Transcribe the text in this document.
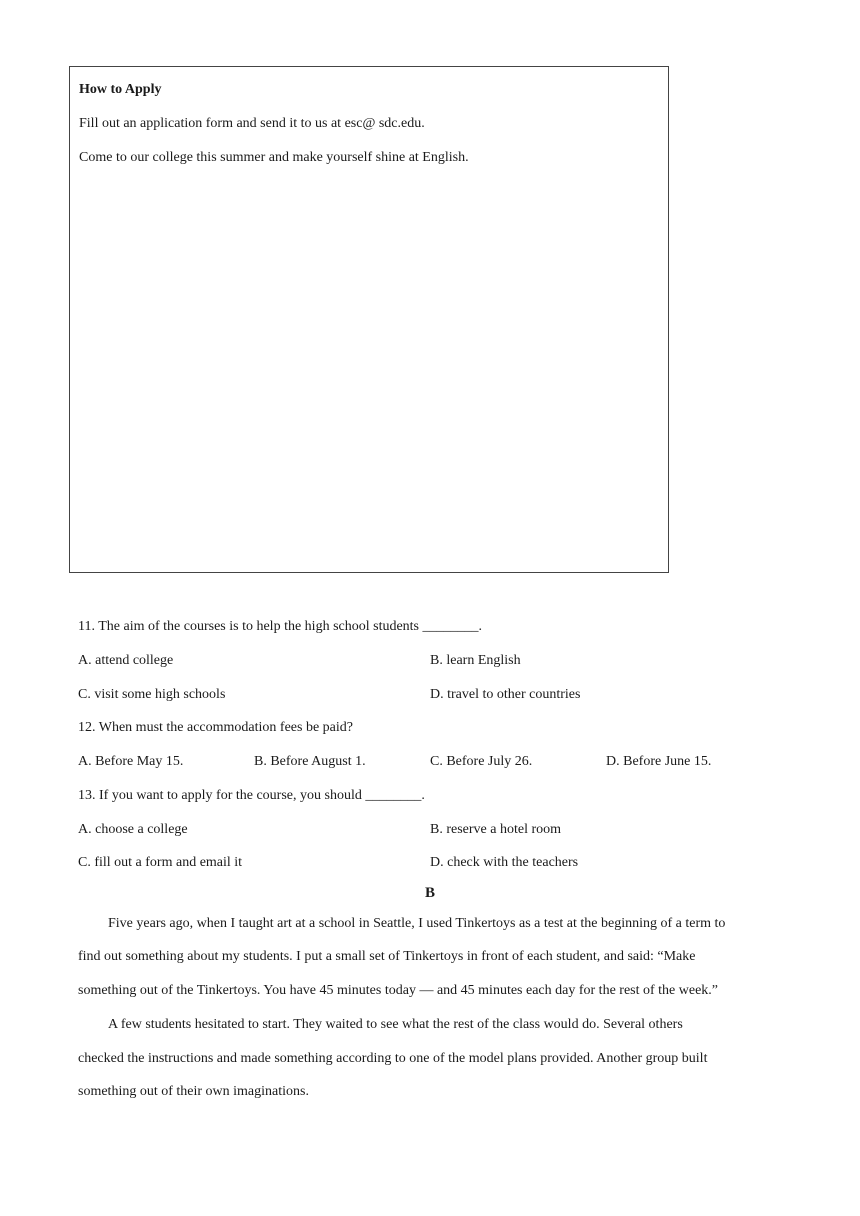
How to Apply
Fill out an application form and send it to us at esc@ sdc.edu.
Come to our college this summer and make yourself shine at English.
11. The aim of the courses is to help the high school students ________.
A. attend college	B. learn English
C. visit some high schools	D. travel to other countries
12. When must the accommodation fees be paid?
A. Before May 15.	B. Before August 1.	C. Before July 26.	D. Before June 15.
13. If you want to apply for the course, you should ________.
A. choose a college	B. reserve a hotel room
C. fill out a form and email it	D. check with the teachers
B
Five years ago, when I taught art at a school in Seattle, I used Tinkertoys as a test at the beginning of a term to
find out something about my students. I put a small set of Tinkertoys in front of each student, and said: “Make
something out of the Tinkertoys. You have 45 minutes today — and 45 minutes each day for the rest of the week.”
A few students hesitated to start. They waited to see what the rest of the class would do. Several others
checked the instructions and made something according to one of the model plans provided. Another group built
something out of their own imaginations.
